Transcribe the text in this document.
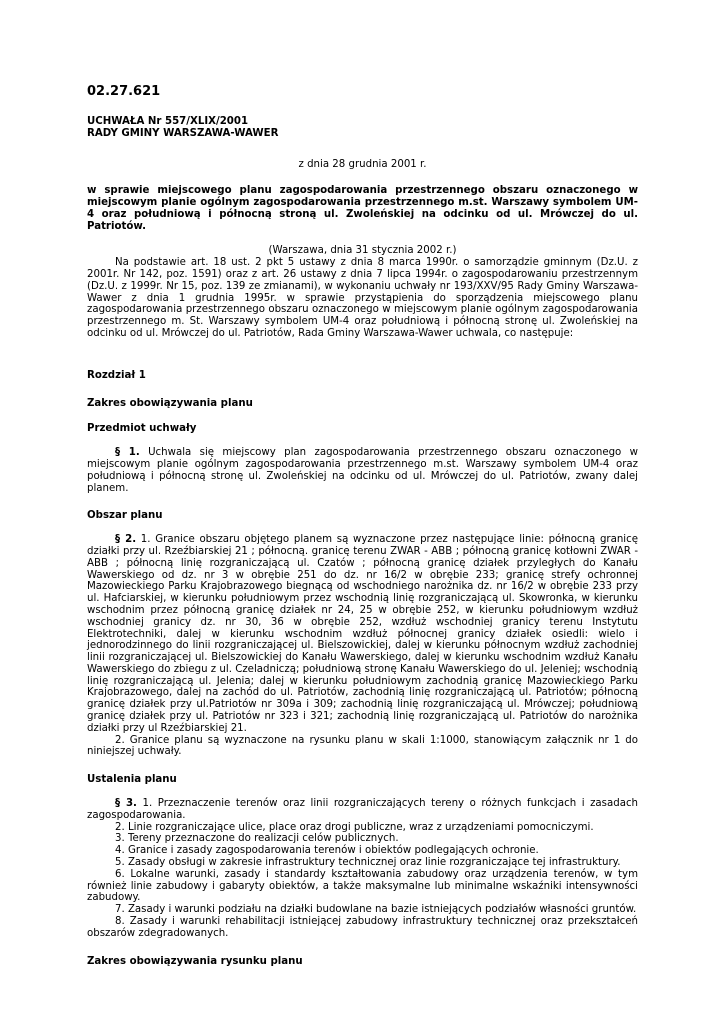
02.27.621
UCHWAŁA Nr 557/XLIX/2001
RADY GMINY WARSZAWA-WAWER
z dnia 28 grudnia 2001 r.
w sprawie miejscowego planu zagospodarowania przestrzennego obszaru oznaczonego w miejscowym planie ogólnym zagospodarowania przestrzennego m.st. Warszawy symbolem UM-4 oraz południową i północną stroną ul. Zwoleńskiej na odcinku od ul. Mrówczej do ul. Patriotów.
(Warszawa, dnia 31 stycznia 2002 r.)

Na podstawie art. 18 ust. 2 pkt 5 ustawy z dnia 8 marca 1990r. o samorządzie gminnym (Dz.U. z 2001r. Nr 142, poz. 1591) oraz z art. 26 ustawy z dnia 7 lipca 1994r. o zagospodarowaniu przestrzennym (Dz.U. z 1999r. Nr 15, poz. 139 ze zmianami), w wykonaniu uchwały nr 193/XXV/95 Rady Gminy Warszawa-Wawer z dnia 1 grudnia 1995r. w sprawie przystąpienia do sporządzenia miejscowego planu zagospodarowania przestrzennego obszaru oznaczonego w miejscowym planie ogólnym zagospodarowania przestrzennego m. St. Warszawy symbolem UM-4 oraz południową i północną stronę ul. Zwoleńskiej na odcinku od ul. Mrówczej do ul. Patriotów, Rada Gminy Warszawa-Wawer uchwala, co następuje:

Rozdział 1
Zakres obowiązywania planu
Przedmiot uchwały

§ 1. Uchwala się miejscowy plan zagospodarowania przestrzennego obszaru oznaczonego w miejscowym planie ogólnym zagospodarowania przestrzennego m.st. Warszawy symbolem UM-4 oraz południową i północną stronę ul. Zwoleńskiej na odcinku od ul. Mrówczej do ul. Patriotów, zwany dalej planem.

Obszar planu

§ 2. 1. Granice obszaru objętego planem są wyznaczone przez następujące linie: północną granicę działki przy ul. Rzeźbiarskiej 21 ; północną. granicę terenu ZWAR - ABB ; północną granicę kotłowni ZWAR - ABB ; północną linię rozgraniczającą ul. Czatów ; północną granicę działek przyległych do Kanału Wawerskiego od dz. nr 3 w obrębie 251 do dz. nr 16/2 w obrębie 233; granicę strefy ochronnej Mazowieckiego Parku Krajobrazowego biegnącą od wschodniego narożnika dz. nr 16/2 w obrębie 233 przy ul. Hafciarskiej, w kierunku południowym przez wschodnią linię rozgraniczającą ul. Skowronka, w kierunku wschodnim przez północną granicę działek nr 24, 25 w obrębie 252, w kierunku południowym wzdłuż wschodniej granicy dz. nr 30, 36 w obrębie 252, wzdłuż wschodniej granicy terenu Instytutu Elektrotechniki, dalej w kierunku wschodnim wzdłuż północnej granicy działek osiedli: wielo i jednorodzinnego do linii rozgraniczającej ul. Bielszowickiej, dalej w kierunku północnym wzdłuż zachodniej linii rozgraniczającej ul. Bielszowickiej do Kanału Wawerskiego, dalej w kierunku wschodnim wzdłuż Kanału Wawerskiego do zbiegu z ul. Czeladniczą; południową stronę Kanału Wawerskiego do ul. Jeleniej; wschodnią linię rozgraniczającą ul. Jelenia; dalej w kierunku południowym zachodnią granicę Mazowieckiego Parku Krajobrazowego, dalej na zachód do ul. Patriotów, zachodnią linię rozgraniczającą ul. Patriotów; północną granicę działek przy ul.Patriotów nr 309a i 309; zachodnią linię rozgraniczającą ul. Mrówczej; południową granicę działek przy ul. Patriotów nr 323 i 321; zachodnią linię rozgraniczającą ul. Patriotów do narożnika działki przy ul Rzeźbiarskiej 21.

2. Granice planu są wyznaczone na rysunku planu w skali 1:1000, stanowiącym załącznik nr 1 do niniejszej uchwały.

Ustalenia planu

§ 3. 1. Przeznaczenie terenów oraz linii rozgraniczających tereny o różnych funkcjach i zasadach zagospodarowania.

2. Linie rozgraniczające ulice, place oraz drogi publiczne, wraz z urządzeniami pomocniczymi.

3. Tereny przeznaczone do realizacji celów publicznych.

4. Granice i zasady zagospodarowania terenów i obiektów podlegających ochronie.

5. Zasady obsługi w zakresie infrastruktury technicznej oraz linie rozgraniczające tej infrastruktury.

6. Lokalne warunki, zasady i standardy kształtowania zabudowy oraz urządzenia terenów, w tym również linie zabudowy i gabaryty obiektów, a także maksymalne lub minimalne wskaźniki intensywności zabudowy.

7. Zasady i warunki podziału na działki budowlane na bazie istniejących podziałów własności gruntów.

8. Zasady i warunki rehabilitacji istniejącej zabudowy infrastruktury technicznej oraz przekształceń obszarów zdegradowanych.

Zakres obowiązywania rysunku planu
